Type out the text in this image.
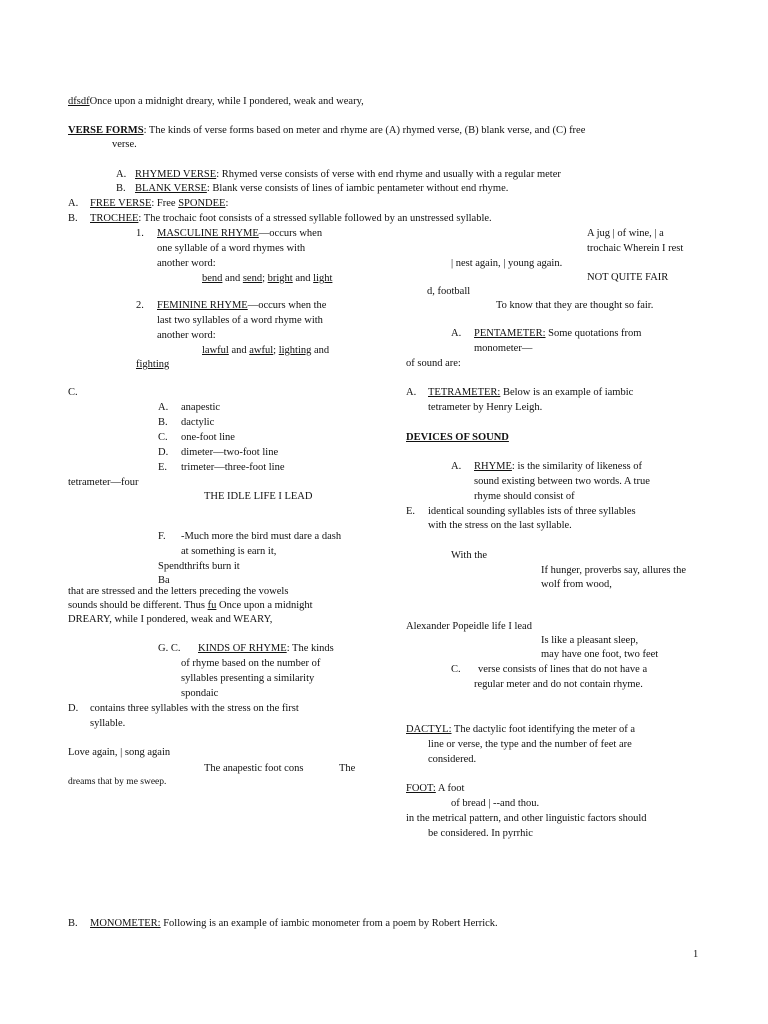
dfsdfOnce upon a midnight dreary, while I pondered, weak and weary,
VERSE FORMS: The kinds of verse forms based on meter and rhyme are (A) rhymed verse, (B) blank verse, and (C) free
verse.
A. RHYMED VERSE: Rhymed verse consists of verse with end rhyme and usually with a regular meter
B. BLANK VERSE: Blank verse consists of lines of iambic pentameter without end rhyme.
A. FREE VERSE: Free SPONDEE:
B. TROCHEE: The trochaic foot consists of a stressed syllable followed by an unstressed syllable.
1. MASCULINE RHYME—occurs when
one syllable of a word rhymes with
another word:
bend and send; bright and light
2. FEMININE RHYME—occurs when the
last two syllables of a word rhyme with
another word:
lawful and awful; lighting and
fighting
C.
A. anapestic
B. dactylic
C. one-foot line
D. dimeter—two-foot line
E. trimeter—three-foot line
tetrameter—four
THE IDLE LIFE I LEAD
F. -Much more the bird must dare a dash
at something is earn it,
Spendthrifts burn it
Ba
that are stressed and the letters preceding the vowels
sounds should be different. Thus fu Once upon a midnight
DREARY, while I pondered, weak and WEARY,
G. C. KINDS OF RHYME: The kinds
of rhyme based on the number of
syllables presenting a similarity
spondaic
D. contains three syllables with the stress on the first
syllable.
Love again, | song again
The anapestic foot cons	The
dreams that by me sweep.
A jug | of wine, | a
trochaic Wherein I rest
| nest again, | young again.
NOT QUITE FAIR
d, football
To know that they are thought so fair.
A. PENTAMETER: Some quotations from
monometer—
of sound are:
A. TETRAMETER: Below is an example of iambic
tetrameter by Henry Leigh.
DEVICES OF SOUND
A. RHYME: is the similarity of likeness of
sound existing between two words. A true
rhyme should consist of
E. identical sounding syllables ists of three syllables
with the stress on the last syllable.
With the
If hunger, proverbs say, allures the
wolf from wood,
Alexander Popeidle life I lead
Is like a pleasant sleep,
may have one foot, two feet
C. verse consists of lines that do not have a
regular meter and do not contain rhyme.
DACTYL: The dactylic foot identifying the meter of a
line or verse, the type and the number of feet are
considered.
FOOT: A foot
of bread | --and thou.
in the metrical pattern, and other linguistic factors should
be considered. In pyrrhic
B. MONOMETER: Following is an example of iambic monometer from a poem by Robert Herrick.
1
